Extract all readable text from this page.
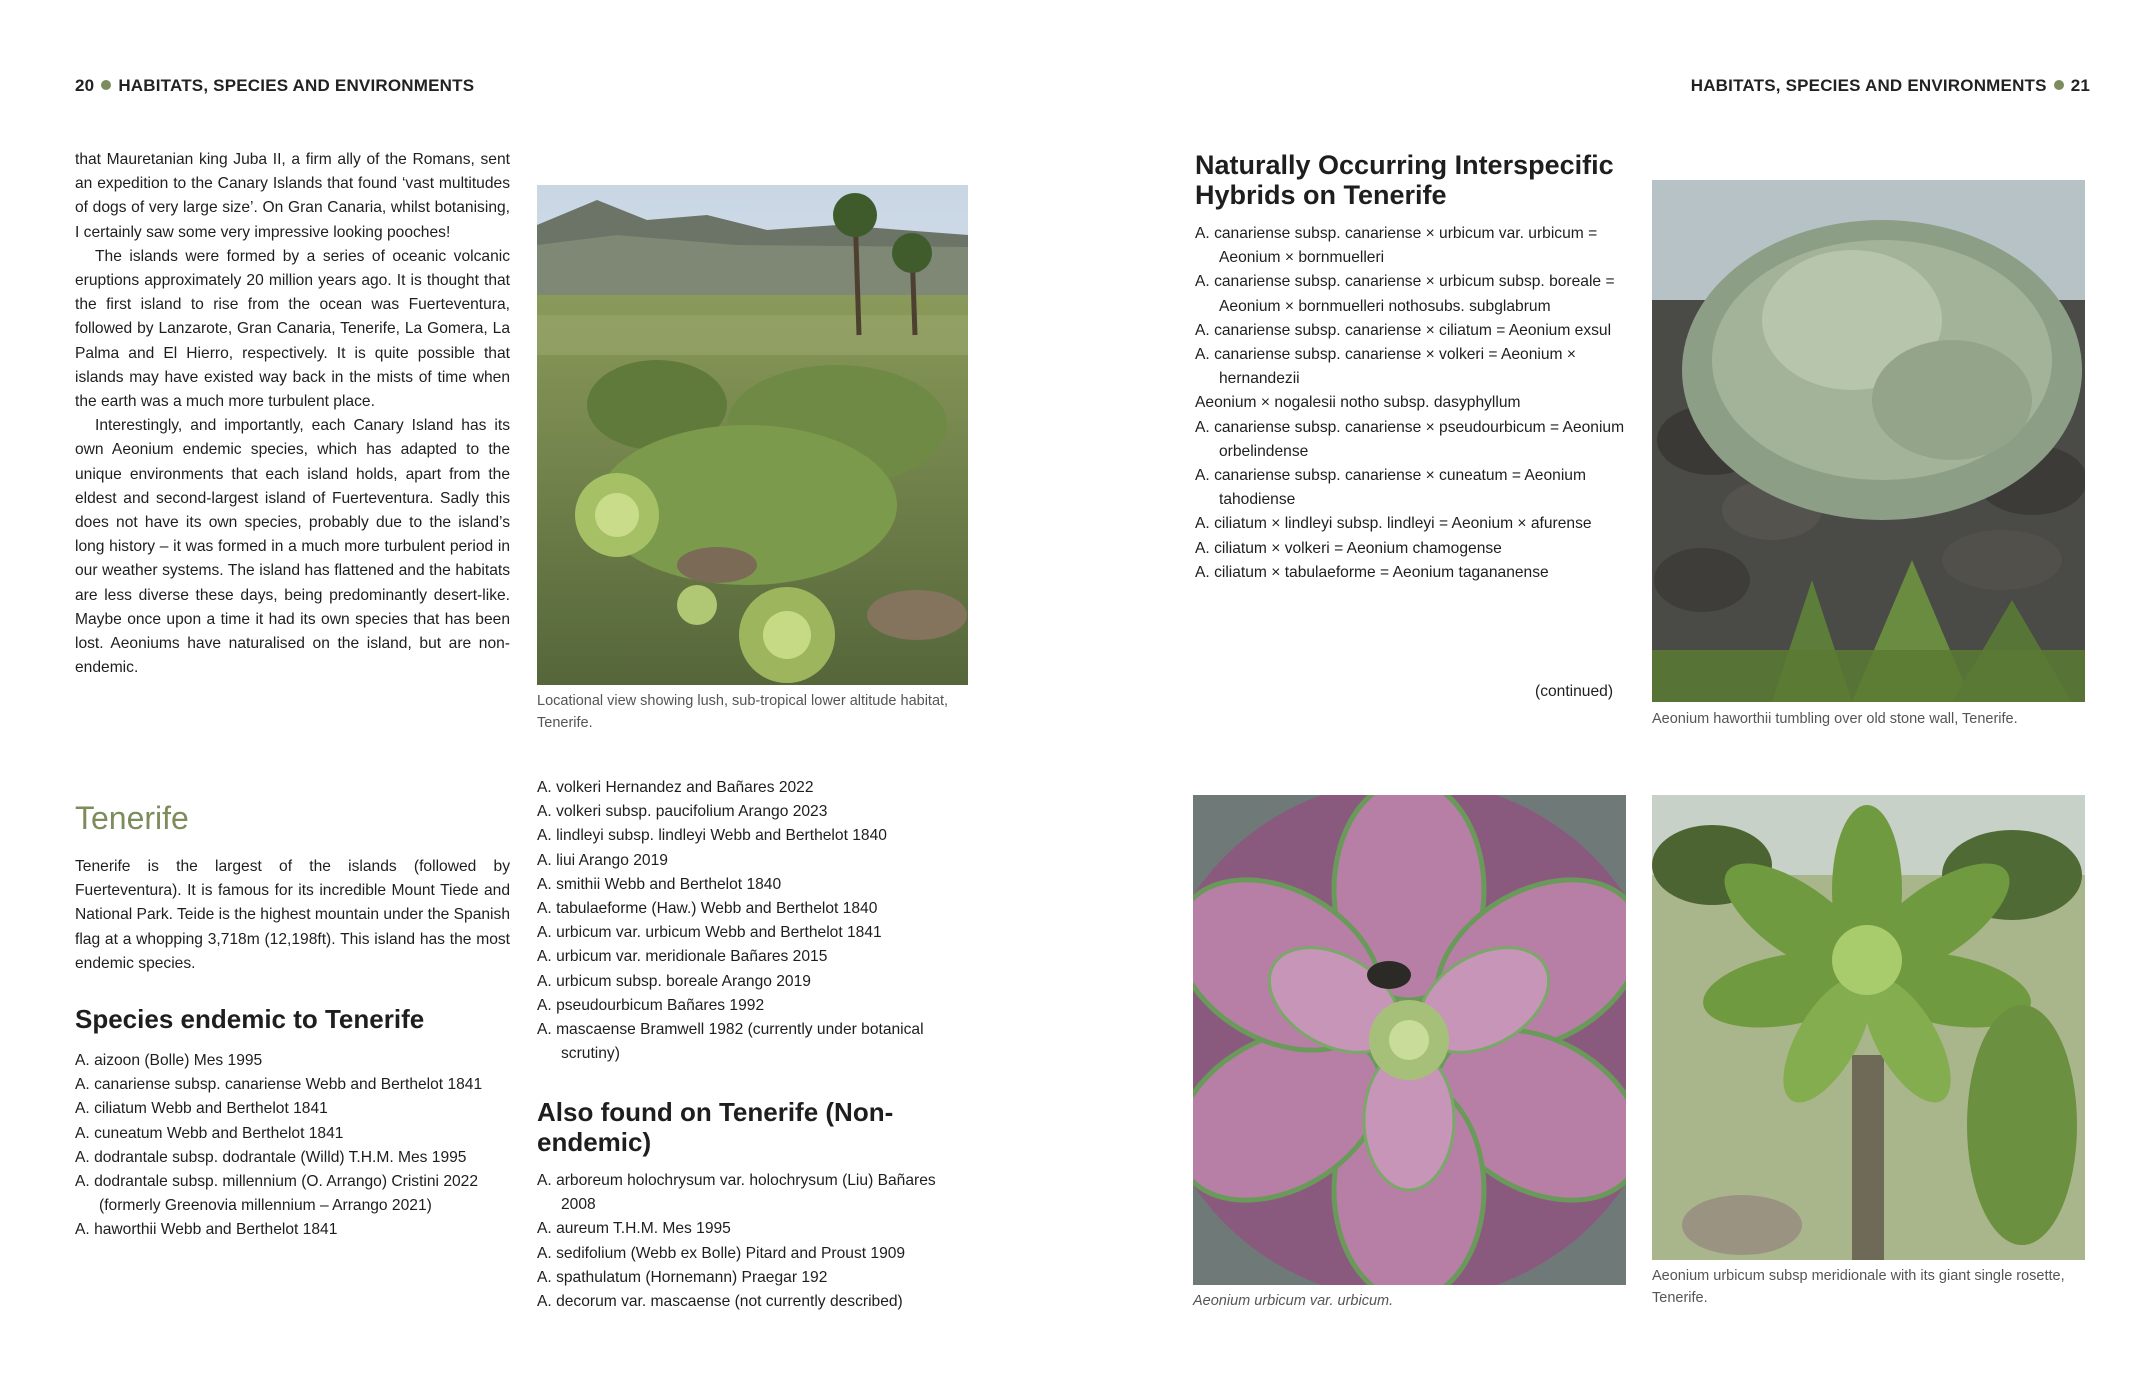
20 HABITATS, SPECIES AND ENVIRONMENTS

that Mauretanian king Juba II, a firm ally of the Romans, sent an expedition to the Canary Islands that found ‘vast multitudes of dogs of very large size’. On Gran Canaria, whilst botanising, I certainly saw some very impressive looking pooches!

The islands were formed by a series of oceanic volcanic eruptions approximately 20 million years ago. It is thought that the first island to rise from the ocean was Fuerteventura, followed by Lanzarote, Gran Canaria, Tenerife, La Gomera, La Palma and El Hierro, respectively. It is quite possible that islands may have existed way back in the mists of time when the earth was a much more turbulent place.

Interestingly, and importantly, each Canary Island has its own Aeonium endemic species, which has adapted to the unique environments that each island holds, apart from the eldest and second-largest island of Fuerteventura. Sadly this does not have its own species, probably due to the island’s long history – it was formed in a much more turbulent period in our weather systems. The island has flattened and the habitats are less diverse these days, being predominantly desert-like. Maybe once upon a time it had its own species that has been lost. Aeoniums have naturalised on the island, but are non-endemic.

Tenerife

Tenerife is the largest of the islands (followed by Fuerteventura). It is famous for its incredible Mount Tiede and National Park. Teide is the highest mountain under the Spanish flag at a whopping 3,718m (12,198ft). This island has the most endemic species.

Species endemic to Tenerife
A. aizoon (Bolle) Mes 1995
A. canariense subsp. canariense Webb and Berthelot 1841
A. ciliatum Webb and Berthelot 1841
A. cuneatum Webb and Berthelot 1841
A. dodrantale subsp. dodrantale (Willd) T.H.M. Mes 1995
A. dodrantale subsp. millennium (O. Arrango) Cristini 2022 (formerly Greenovia millennium – Arrango 2021)
A. haworthii Webb and Berthelot 1841
Locational view showing lush, sub-tropical lower altitude habitat, Tenerife.
A. volkeri Hernandez and Bañares 2022
A. volkeri subsp. paucifolium Arango 2023
A. lindleyi subsp. lindleyi Webb and Berthelot 1840
A. liui Arango 2019
A. smithii Webb and Berthelot 1840
A. tabulaeforme (Haw.) Webb and Berthelot 1840
A. urbicum var. urbicum Webb and Berthelot 1841
A. urbicum var. meridionale Bañares 2015
A. urbicum subsp. boreale Arango 2019
A. pseudourbicum Bañares 1992
A. mascaense Bramwell 1982 (currently under botanical scrutiny)
Also found on Tenerife (Non-endemic)
A. arboreum holochrysum var. holochrysum (Liu) Bañares 2008
A. aureum T.H.M. Mes 1995
A. sedifolium (Webb ex Bolle) Pitard and Proust 1909
A. spathulatum (Hornemann) Praegar 192
A. decorum var. mascaense (not currently described)
HABITATS, SPECIES AND ENVIRONMENTS 21
Naturally Occurring Interspecific Hybrids on Tenerife
A. canariense subsp. canariense × urbicum var. urbicum = Aeonium × bornmuelleri
A. canariense subsp. canariense × urbicum subsp. boreale = Aeonium × bornmuelleri nothosubs. subglabrum
A. canariense subsp. canariense × ciliatum = Aeonium exsul
A. canariense subsp. canariense × volkeri = Aeonium × hernandezii
Aeonium × nogalesii notho subsp. dasyphyllum
A. canariense subsp. canariense × pseudourbicum = Aeonium orbelindense
A. canariense subsp. canariense × cuneatum = Aeonium tahodiense
A. ciliatum × lindleyi subsp. lindleyi = Aeonium × afurense
A. ciliatum × volkeri = Aeonium chamogense
A. ciliatum × tabulaeforme = Aeonium tagananense
(continued)
Aeonium haworthii tumbling over old stone wall, Tenerife.
Aeonium urbicum var. urbicum.
Aeonium urbicum subsp meridionale with its giant single rosette, Tenerife.
